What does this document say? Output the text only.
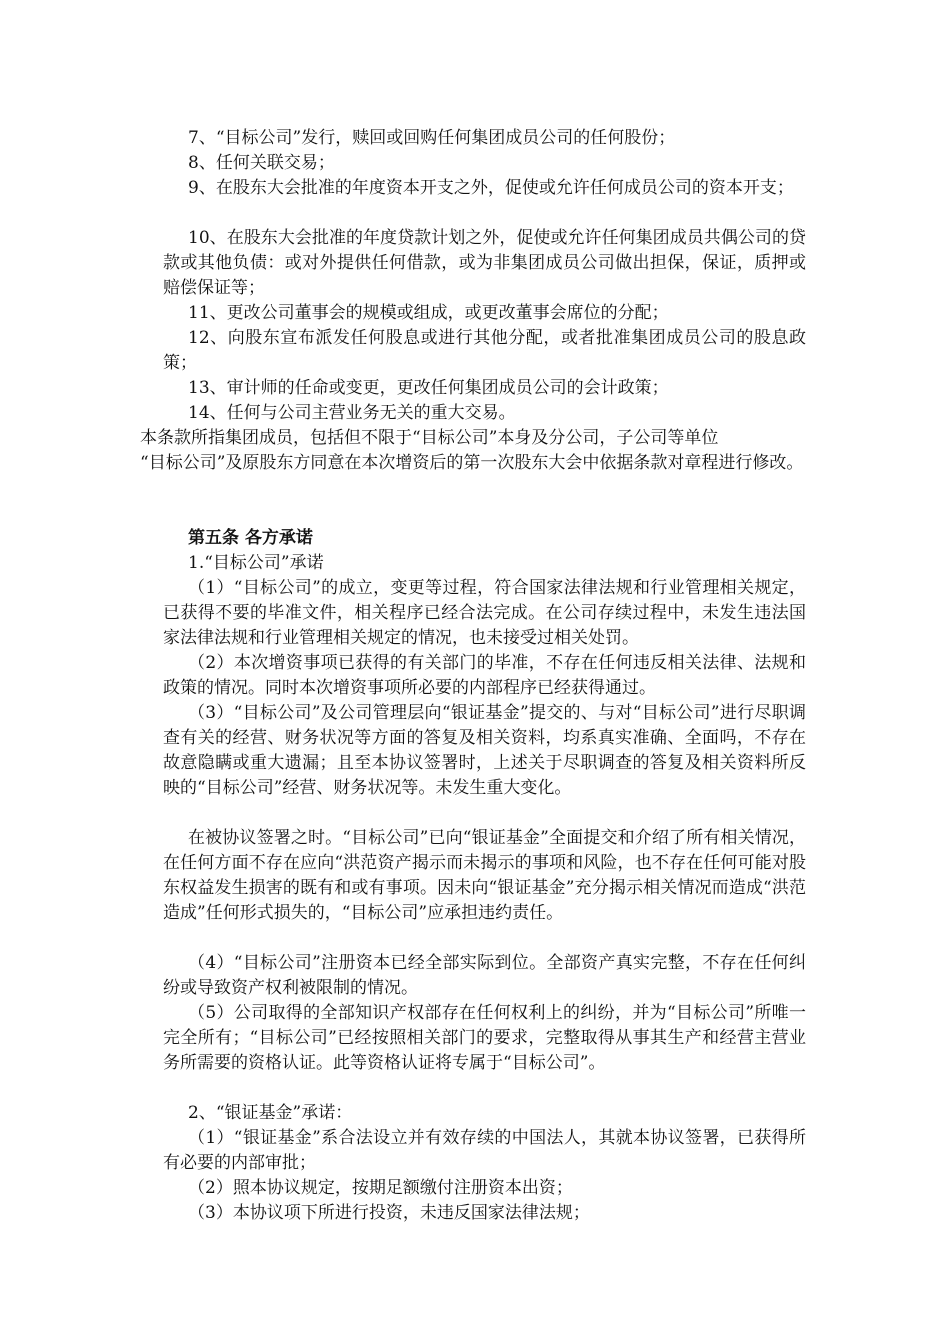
7、“目标公司”发行，赎回或回购任何集团成员公司的任何股份；

8、任何关联交易；

9、在股东大会批准的年度资本开支之外，促使或允许任何成员公司的资本开支；

10、在股东大会批准的年度贷款计划之外，促使或允许任何集团成员共偶公司的贷款或其他负债：或对外提供任何借款，或为非集团成员公司做出担保，保证，质押或赔偿保证等；

11、更改公司董事会的规模或组成，或更改董事会席位的分配；

12、向股东宣布派发任何股息或进行其他分配，或者批准集团成员公司的股息政策；

13、审计师的任命或变更，更改任何集团成员公司的会计政策；

14、任何与公司主营业务无关的重大交易。

本条款所指集团成员，包括但不限于“目标公司”本身及分公司，子公司等单位

“目标公司”及原股东方同意在本次增资后的第一次股东大会中依据条款对章程进行修改。

第五条 各方承诺

1.“目标公司”承诺

（1）“目标公司”的成立，变更等过程，符合国家法律法规和行业管理相关规定，已获得不要的毕准文件，相关程序已经合法完成。在公司存续过程中，未发生违法国家法律法规和行业管理相关规定的情况，也未接受过相关处罚。

（2）本次增资事项已获得的有关部门的毕准，不存在任何违反相关法律、法规和政策的情况。同时本次增资事项所必要的内部程序已经获得通过。

（3）“目标公司”及公司管理层向“银证基金”提交的、与对“目标公司”进行尽职调查有关的经营、财务状况等方面的答复及相关资料，均系真实准确、全面吗，不存在故意隐瞒或重大遗漏；且至本协议签署时，上述关于尽职调查的答复及相关资料所反映的“目标公司”经营、财务状况等。未发生重大变化。

在被协议签署之时。“目标公司”已向“银证基金”全面提交和介绍了所有相关情况，在任何方面不存在应向“洪范资产揭示而未揭示的事项和风险，也不存在任何可能对股东权益发生损害的既有和或有事项。因未向“银证基金”充分揭示相关情况而造成“洪范造成”任何形式损失的，“目标公司”应承担违约责任。

（4）“目标公司”注册资本已经全部实际到位。全部资产真实完整，不存在任何纠纷或导致资产权利被限制的情况。

（5）公司取得的全部知识产权部存在任何权利上的纠纷，并为“目标公司”所唯一完全所有；“目标公司”已经按照相关部门的要求，完整取得从事其生产和经营主营业务所需要的资格认证。此等资格认证将专属于“目标公司”。

2、“银证基金”承诺：

（1）“银证基金”系合法设立并有效存续的中国法人，其就本协议签署，已获得所有必要的内部审批；

（2）照本协议规定，按期足额缴付注册资本出资；

（3）本协议项下所进行投资，未违反国家法律法规；
